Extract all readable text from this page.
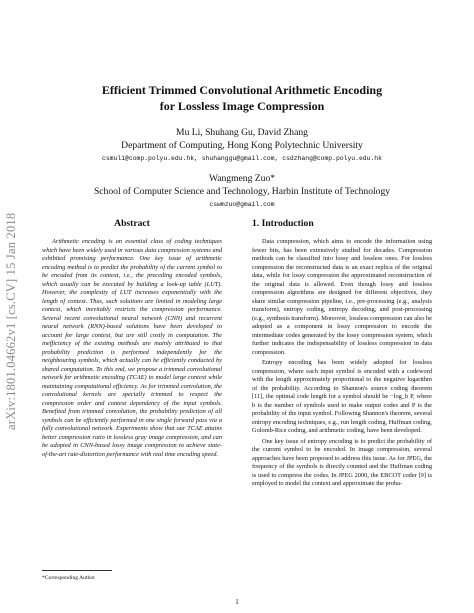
arXiv:1801.04662v1 [cs.CV] 15 Jan 2018
Efficient Trimmed Convolutional Arithmetic Encoding
for Lossless Image Compression
Mu Li, Shuhang Gu, David Zhang
Department of Computing, Hong Kong Polytechnic University
csmuli@comp.polyu.edu.hk, shuhanggu@gmail.com, csdzhang@comp.polyu.edu.hk
Wangmeng Zuo*
School of Computer Science and Technology, Harbin Institute of Technology
cswmzuo@gmail.com
Abstract

Arithmetic encoding is an essential class of coding techniques which have been widely used in various data compression systems and exhibited promising performance. One key issue of arithmetic encoding method is to predict the probability of the current symbol to be encoded from its context, i.e., the preceding encoded symbols, which usually can be executed by building a look-up table (LUT). However, the complexity of LUT increases exponentially with the length of context. Thus, such solutions are limited in modeling large context, which inevitably restricts the compression performance. Several recent convolutional neural network (CNN) and recurrent neural network (RNN)-based solutions have been developed to account for large context, but are still costly in computation. The inefficiency of the existing methods are mainly attributed to that probability prediction is performed independently for the neighbouring symbols, which actually can be efficiently conducted by shared computation. To this end, we propose a trimmed convolutional network for arithmetic encoding (TCAE) to model large context while maintaining computational efficiency. As for trimmed convolution, the convolutional kernels are specially trimmed to respect the compression order and context dependency of the input symbols. Benefited from trimmed convolution, the probability prediction of all symbols can be efficiently performed in one single forward pass via a fully convolutional network. Experiments show that our TCAE attains better compression ratio in lossless gray image compression, and can be adopted in CNN-based lossy image compression to achieve state-of-the-art rate-distortion performance with real time encoding speed.

1. Introduction

Data compression, which aims to encode the information using fewer bits, has been extensively studied for decades. Compression methods can be classified into lossy and lossless ones. For lossless compression the reconstructed data is an exact replica of the original data, while for lossy compression the approximated reconstruction of the original data is allowed. Even though lossy and lossless compression algorithms are designed for different objectives, they share similar compression pipeline, i.e., pre-processing (e.g., analysis transform), entropy coding, entropy decoding, and post-processing (e.g., synthesis transform). Moreover, lossless compression can also be adopted as a component in lossy compression to encode the intermediate codes generated by the lossy compression system, which further indicates the indispensability of lossless compression in data compression.

Entropy encoding has been widely adopted for lossless compression, where each input symbol is encoded with a codeword with the length approximately proportional to the negative logarithm of the probability. According to Shannon's source coding theorem [11], the optimal code length for a symbol should be −log_b P, where b is the number of symbols used to make output codes and P is the probability of the input symbol. Following Shannon's theorem, several entropy encoding techniques, e.g., run length coding, Huffman coding, Golomb-Rice coding, and arithmetic coding, have been developed.

One key issue of entropy encoding is to predict the probability of the current symbol to be encoded. In image compression, several approaches have been proposed to address this issue. As for JPEG, the frequency of the symbols is directly counted and the Huffman coding is used to compress the codes. In JPEG 2000, the EBCOT coder [9] is employed to model the context and approximate the proba-

*Corresponding Author
1
